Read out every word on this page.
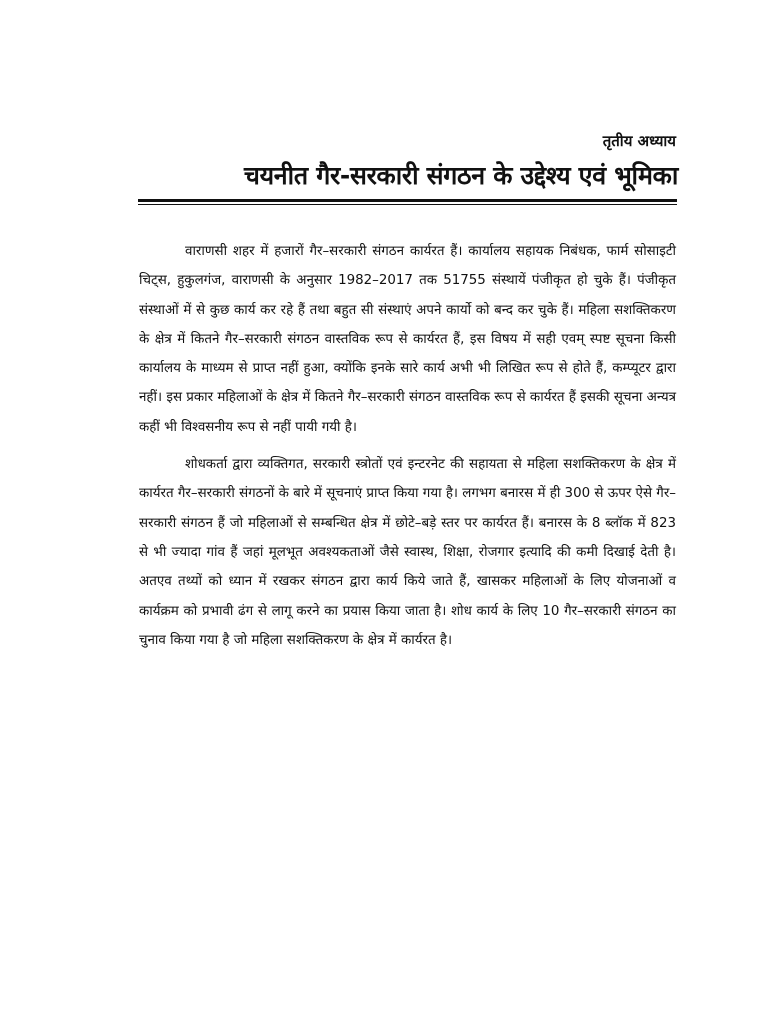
तृतीय अध्याय
चयनीत गैर-सरकारी संगठन के उद्देश्य एवं भूमिका

वाराणसी शहर में हजारों गैर–सरकारी संगठन कार्यरत हैं। कार्यालय सहायक निबंधक, फार्म सोसाइटी चिट्स, हुकुलगंज, वाराणसी के अनुसार 1982–2017 तक 51755 संस्थायें पंजीकृत हो चुके हैं। पंजीकृत संस्थाओं में से कुछ कार्य कर रहे हैं तथा बहुत सी संस्थाएं अपने कार्यो को बन्द कर चुके हैं। महिला सशक्तिकरण के क्षेत्र में कितने गैर–सरकारी संगठन वास्तविक रूप से कार्यरत हैं, इस विषय में सही एवम् स्पष्ट सूचना किसी कार्यालय के माध्यम से प्राप्त नहीं हुआ, क्योंकि इनके सारे कार्य अभी भी लिखित रूप से होते हैं, कम्प्यूटर द्वारा नहीं। इस प्रकार महिलाओं के क्षेत्र में कितने गैर–सरकारी संगठन वास्तविक रूप से कार्यरत हैं इसकी सूचना अन्यत्र कहीं भी विश्वसनीय रूप से नहीं पायी गयी है।

शोधकर्ता द्वारा व्यक्तिगत, सरकारी स्त्रोतों एवं इन्टरनेट की सहायता से महिला सशक्तिकरण के क्षेत्र में कार्यरत गैर–सरकारी संगठनों के बारे में सूचनाएं प्राप्त किया गया है। लगभग बनारस में ही 300 से ऊपर ऐसे गैर–सरकारी संगठन हैं जो महिलाओं से सम्बन्धित क्षेत्र में छोटे–बड़े स्तर पर कार्यरत हैं। बनारस के 8 ब्लॉक में 823 से भी ज्यादा गांव हैं जहां मूलभूत अवश्यकताओं जैसे स्वास्थ, शिक्षा, रोजगार इत्यादि की कमी दिखाई देती है। अतएव तथ्यों को ध्यान में रखकर संगठन द्वारा कार्य किये जाते हैं, खासकर महिलाओं के लिए योजनाओं व कार्यक्रम को प्रभावी ढंग से लागू करने का प्रयास किया जाता है। शोध कार्य के लिए 10 गैर–सरकारी संगठन का चुनाव किया गया है जो महिला सशक्तिकरण के क्षेत्र में कार्यरत है।
